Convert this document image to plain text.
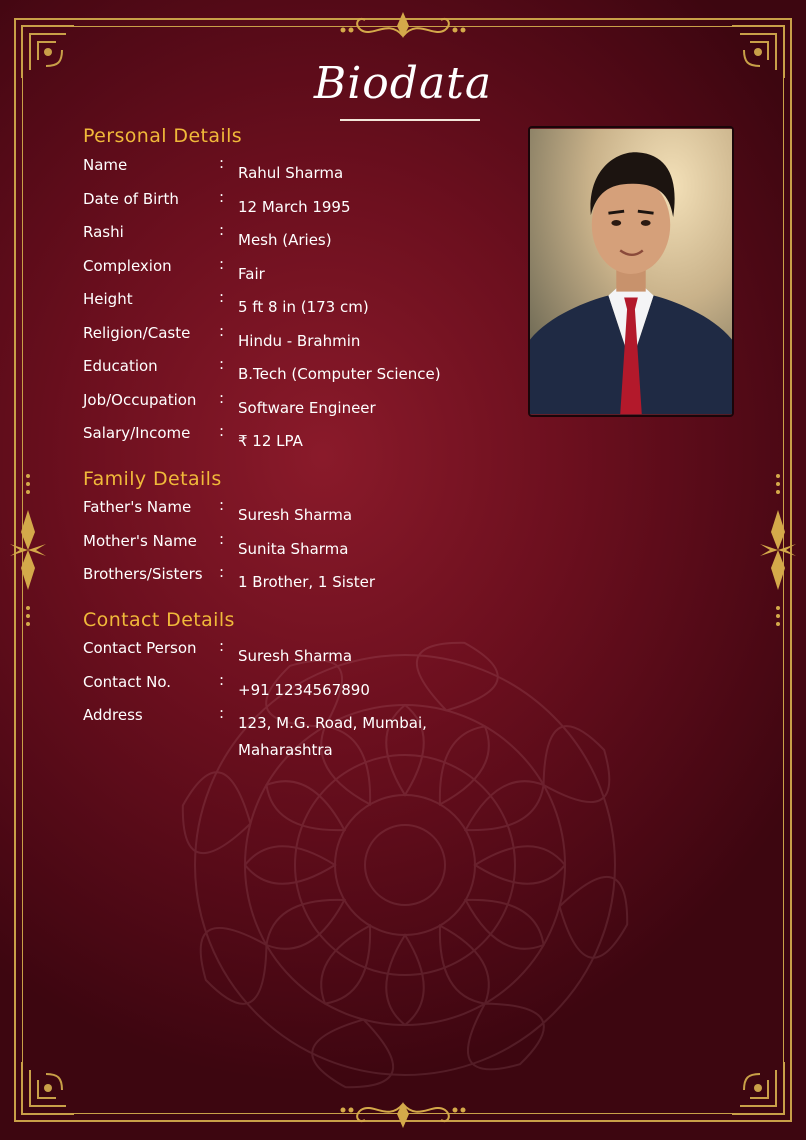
Biodata
Personal Details
Name	:
Rahul Sharma
Date of Birth	:
12 March 1995
Rashi	:
Mesh (Aries)
Complexion	:
Fair
Height	:
5 ft 8 in (173 cm)
Religion/Caste :
Hindu - Brahmin
Education	:
B.Tech (Computer Science)
Job/Occupation :
Software Engineer
Salary/Income :
₹ 12 LPA
Family Details
Father's Name :
Suresh Sharma
Mother's Name :
Sunita Sharma
Brothers/Sisters :
1 Brother, 1 Sister
Contact Details
Contact Person :
Suresh Sharma
Contact No.	:
+91 1234567890
Address	:
123, M.G. Road, Mumbai,
Maharashtra
